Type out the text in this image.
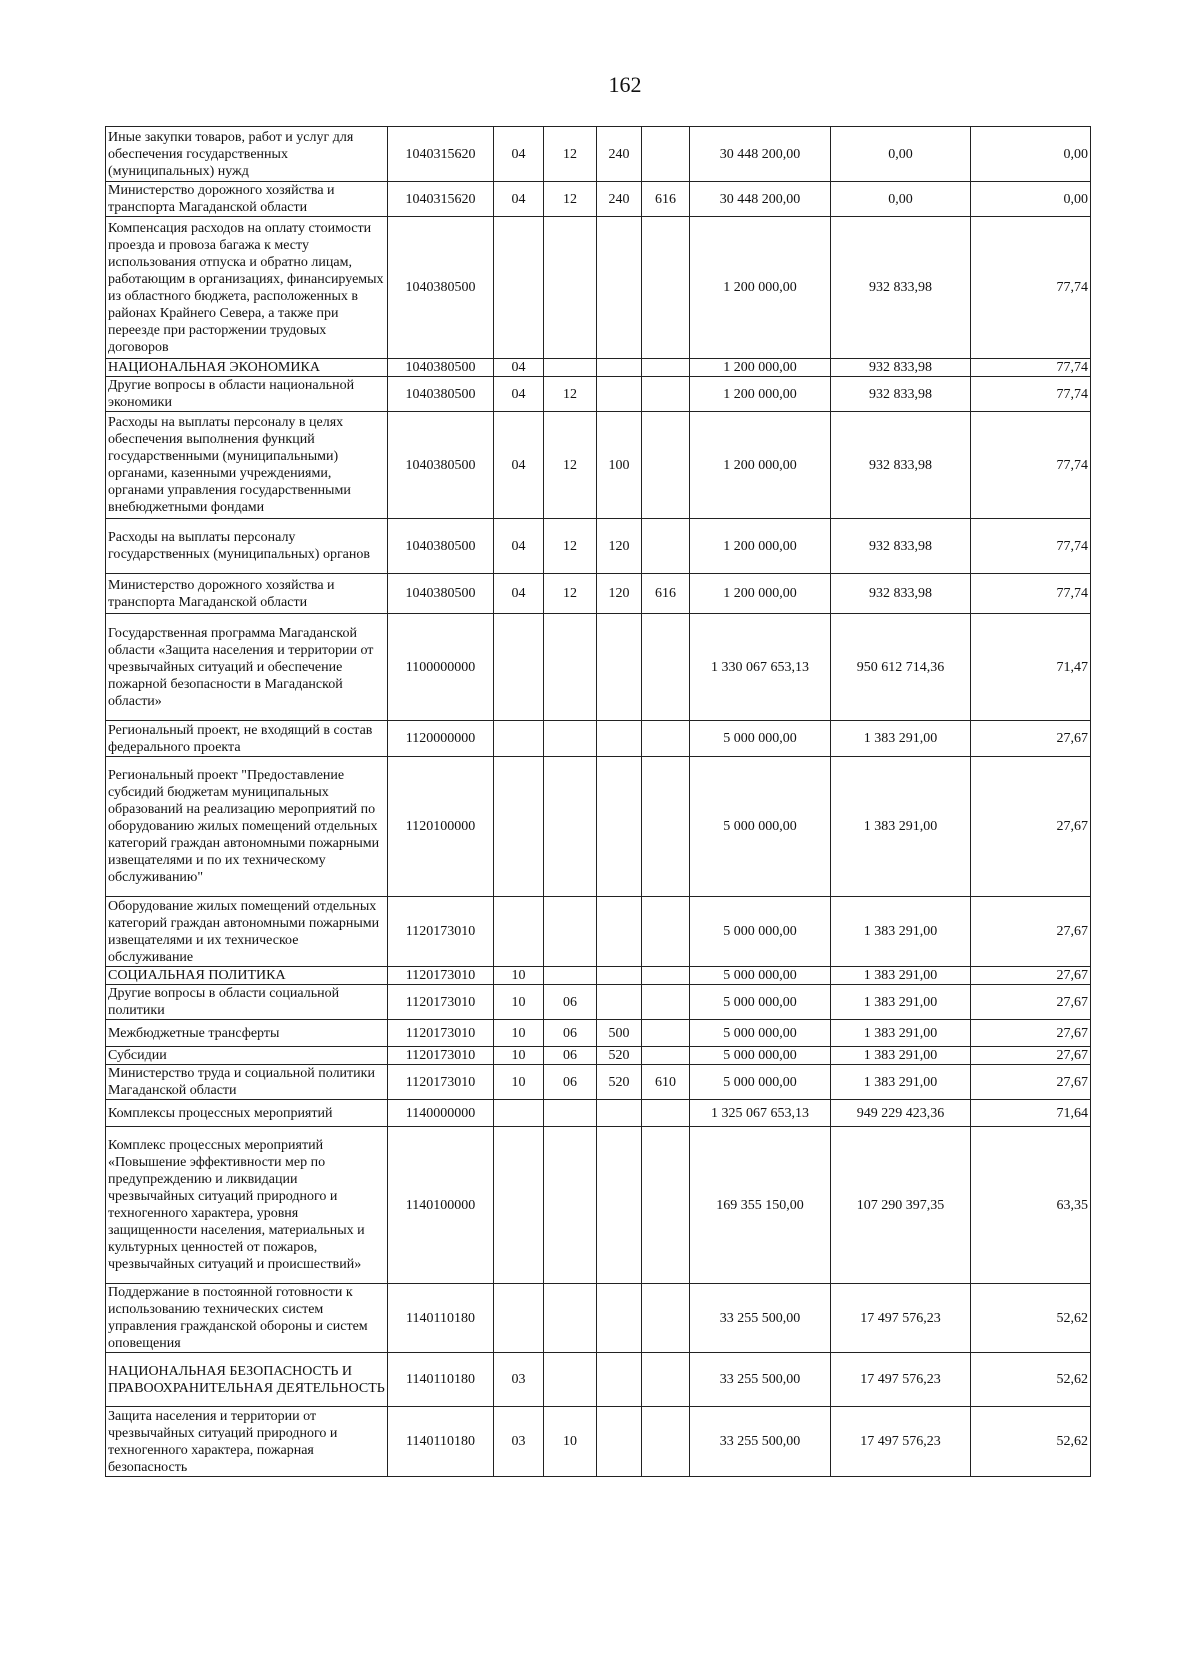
162
Иные закупки товаров, работ и услуг для обеспечения государственных (муниципальных) нужд	1040315620	04	12	240		30 448 200,00	0,00	0,00
Министерство дорожного хозяйства и транспорта Магаданской области	1040315620	04	12	240	616	30 448 200,00	0,00	0,00
Компенсация расходов на оплату стоимости проезда и провоза багажа к месту использования отпуска и обратно лицам, работающим в организациях, финансируемых из областного бюджета, расположенных в районах Крайнего Севера, а также при переезде при расторжении трудовых договоров	1040380500					1 200 000,00	932 833,98	77,74
НАЦИОНАЛЬНАЯ ЭКОНОМИКА	1040380500	04				1 200 000,00	932 833,98	77,74
Другие вопросы в области национальной экономики	1040380500	04	12			1 200 000,00	932 833,98	77,74
Расходы на выплаты персоналу в целях обеспечения выполнения функций государственными (муниципальными) органами, казенными учреждениями, органами управления государственными внебюджетными фондами	1040380500	04	12	100		1 200 000,00	932 833,98	77,74
Расходы на выплаты персоналу государственных (муниципальных) органов	1040380500	04	12	120		1 200 000,00	932 833,98	77,74
Министерство дорожного хозяйства и транспорта Магаданской области	1040380500	04	12	120	616	1 200 000,00	932 833,98	77,74
Государственная программа Магаданской области «Защита населения и территории от чрезвычайных ситуаций и обеспечение пожарной безопасности в Магаданской области»	1100000000					1 330 067 653,13	950 612 714,36	71,47
Региональный проект, не входящий в состав федерального проекта	1120000000					5 000 000,00	1 383 291,00	27,67
Региональный проект "Предоставление субсидий бюджетам муниципальных образований на реализацию мероприятий по оборудованию жилых помещений отдельных категорий граждан автономными пожарными извещателями и по их техническому обслуживанию"	1120100000					5 000 000,00	1 383 291,00	27,67
Оборудование жилых помещений отдельных категорий граждан автономными пожарными извещателями и их техническое обслуживание	1120173010					5 000 000,00	1 383 291,00	27,67
СОЦИАЛЬНАЯ ПОЛИТИКА	1120173010	10				5 000 000,00	1 383 291,00	27,67
Другие вопросы в области социальной политики	1120173010	10	06			5 000 000,00	1 383 291,00	27,67
Межбюджетные трансферты	1120173010	10	06	500		5 000 000,00	1 383 291,00	27,67
Субсидии	1120173010	10	06	520		5 000 000,00	1 383 291,00	27,67
Министерство труда и социальной политики Магаданской области	1120173010	10	06	520	610	5 000 000,00	1 383 291,00	27,67
Комплексы процессных мероприятий	1140000000					1 325 067 653,13	949 229 423,36	71,64
Комплекс процессных мероприятий «Повышение эффективности мер по предупреждению и ликвидации чрезвычайных ситуаций природного и техногенного характера, уровня защищенности населения, материальных и культурных ценностей от пожаров, чрезвычайных ситуаций и происшествий»	1140100000					169 355 150,00	107 290 397,35	63,35
Поддержание в постоянной готовности к использованию технических систем управления гражданской обороны и систем оповещения	1140110180					33 255 500,00	17 497 576,23	52,62
НАЦИОНАЛЬНАЯ БЕЗОПАСНОСТЬ И ПРАВООХРАНИТЕЛЬНАЯ ДЕЯТЕЛЬНОСТЬ	1140110180	03				33 255 500,00	17 497 576,23	52,62
Защита населения и территории от чрезвычайных ситуаций природного и техногенного характера, пожарная безопасность	1140110180	03	10			33 255 500,00	17 497 576,23	52,62
